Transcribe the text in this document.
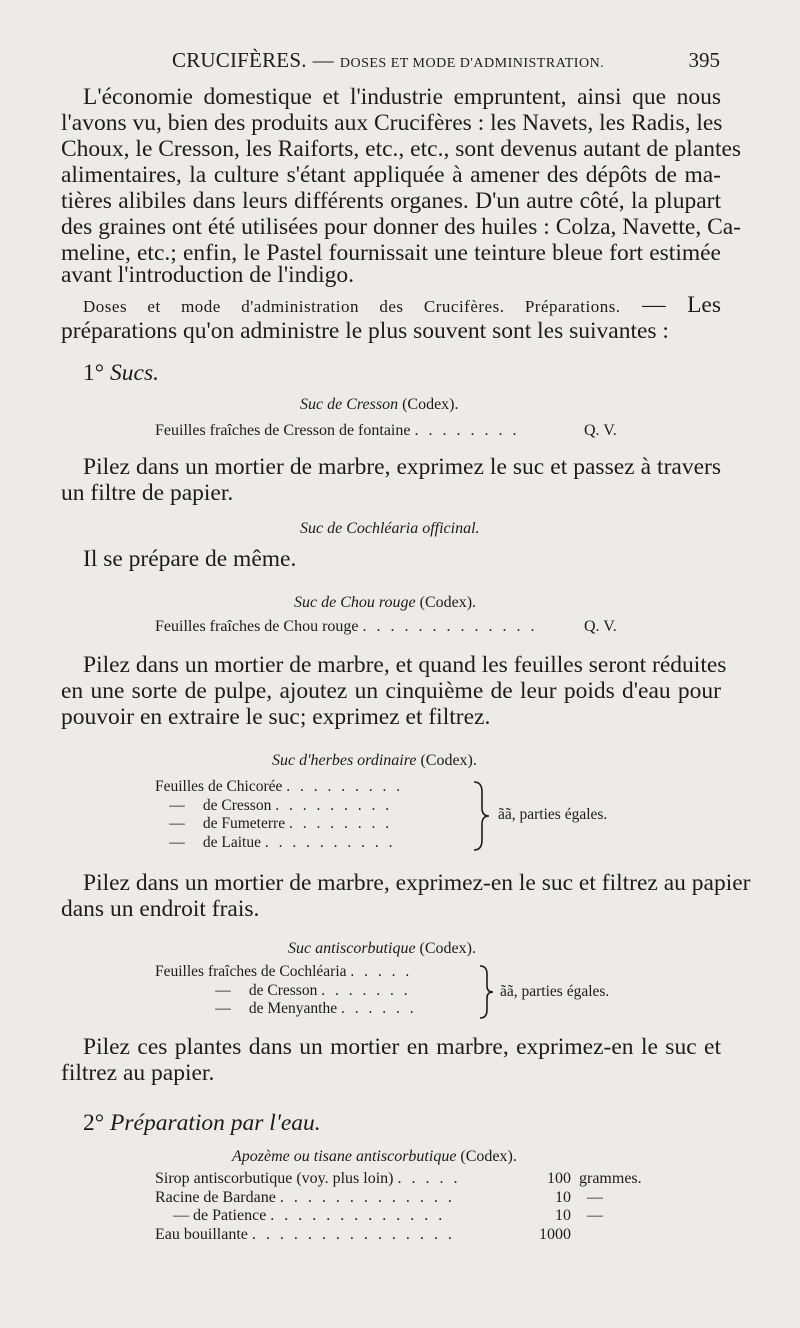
CRUCIFÈRES. — DOSES ET MODE D'ADMINISTRATION.	395
L'économie domestique et l'industrie empruntent, ainsi que nous
l'avons vu, bien des produits aux Crucifères : les Navets, les Radis, les
Choux, le Cresson, les Raiforts, etc., etc., sont devenus autant de plantes
alimentaires, la culture s'étant appliquée à amener des dépôts de ma-
tières alibiles dans leurs différents organes. D'un autre côté, la plupart
des graines ont été utilisées pour donner des huiles : Colza, Navette, Ca-
meline, etc.; enfin, le Pastel fournissait une teinture bleue fort estimée
avant l'introduction de l'indigo.
Doses et mode d'administration des Crucifères. Préparations. — Les
préparations qu'on administre le plus souvent sont les suivantes :
1° Sucs.
Suc de Cresson (Codex).
Feuilles fraîches de Cresson de fontaine . . . . . . . .	Q. V.
Pilez dans un mortier de marbre, exprimez le suc et passez à travers
un filtre de papier.
Suc de Cochléaria officinal.
Il se prépare de même.
Suc de Chou rouge (Codex).
Feuilles fraîches de Chou rouge . . . . . . . . . . . . .	Q. V.
Pilez dans un mortier de marbre, et quand les feuilles seront réduites
en une sorte de pulpe, ajoutez un cinquième de leur poids d'eau pour
pouvoir en extraire le suc; exprimez et filtrez.
Suc d'herbes ordinaire (Codex).
Feuilles de Chicorée . . . . . . . . .
— de Cresson . . . . . . . . .
— de Fumeterre . . . . . . . .
— de Laitue . . . . . . . . . .
ãã, parties égales.
Pilez dans un mortier de marbre, exprimez-en le suc et filtrez au papier
dans un endroit frais.
Suc antiscorbutique (Codex).
Feuilles fraîches de Cochléaria . . . . .
— de Cresson . . . . . . .
— de Menyanthe . . . . . .
ãã, parties égales.
Pilez ces plantes dans un mortier en marbre, exprimez-en le suc et
filtrez au papier.
2° Préparation par l'eau.
Apozème ou tisane antiscorbutique (Codex).
Sirop antiscorbutique (voy. plus loin) . . . . .	100 grammes.
Racine de Bardane . . . . . . . . . . . . .	10 —
— de Patience . . . . . . . . . . . . .	10 —
Eau bouillante . . . . . . . . . . . . . . .	1000
